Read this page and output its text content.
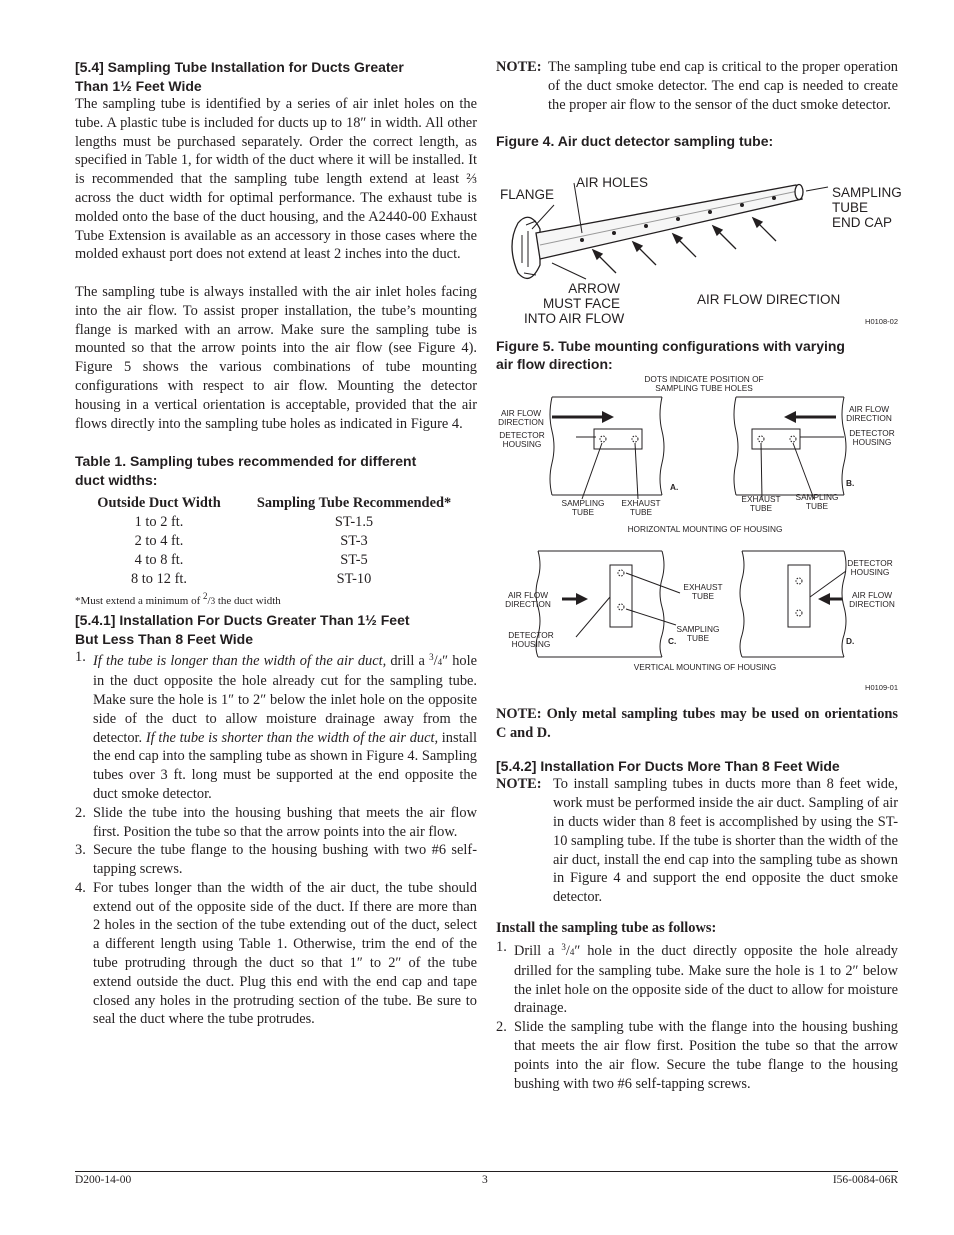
[5.4] Sampling Tube Installation for Ducts Greater
Than 1½ Feet Wide

The sampling tube is identified by a series of air inlet holes on the tube. A plastic tube is included for ducts up to 18″ in width. All other lengths must be purchased separately. Order the correct length, as specified in Table 1, for width of the duct where it will be installed. It is recommended that the sampling tube length extend at least ⅔ across the duct width for optimal performance. The exhaust tube is molded onto the base of the duct housing, and the A2440-00 Exhaust Tube Extension is available as an accessory in those cases where the molded exhaust port does not extend at least 2 inches into the duct.

The sampling tube is always installed with the air inlet holes facing into the air flow. To assist proper installation, the tube’s mounting flange is marked with an arrow. Make sure the sampling tube is mounted so that the arrow points into the air flow (see Figure 4). Figure 5 shows the various combinations of tube mounting configurations with respect to air flow. Mounting the detector housing in a vertical orientation is acceptable, provided that the air flows directly into the sampling tube holes as indicated in Figure 4.

Table 1. Sampling tubes recommended for different
duct widths:

Outside Duct Width	Sampling Tube Recommended*
1 to 2 ft.	ST-1.5
2 to 4 ft.	ST-3
4 to 8 ft.	ST-5
8 to 12 ft.	ST-10
*Must extend a minimum of $^2$/3 the duct width

[5.4.1] Installation For Ducts Greater Than 1½ Feet
But Less Than 8 Feet Wide

1. If the tube is longer than the width of the air duct, drill a $^3$/4″ hole in the duct opposite the hole already cut for the sampling tube. Make sure the hole is 1″ to 2″ below the inlet hole on the opposite side of the duct to allow moisture drainage away from the detector. If the tube is shorter than the width of the air duct, install the end cap into the sampling tube as shown in Figure 4. Sampling tubes over 3 ft. long must be supported at the end opposite the duct smoke detector.
2. Slide the tube into the housing bushing that meets the air flow first. Position the tube so that the arrow points into the air flow.
3. Secure the tube flange to the housing bushing with two #6 self-tapping screws.
4. For tubes longer than the width of the air duct, the tube should extend out of the opposite side of the duct. If there are more than 2 holes in the section of the tube extending out of the duct, select a different length using Table 1. Otherwise, trim the end of the tube protruding through the duct so that 1″ to 2″ of the tube extend outside the duct. Plug this end with the end cap and tape closed any holes in the protruding section of the tube. Be sure to seal the duct where the tube protrudes.
NOTE: The sampling tube end cap is critical to the proper operation of the duct smoke detector. The end cap is needed to create the proper air flow to the sensor of the duct smoke detector.

Figure 4. Air duct detector sampling tube:

FLANGE
AIR HOLES
SAMPLING
TUBE
END CAP
ARROW
MUST FACE
INTO AIR FLOW
AIR FLOW DIRECTION
H0108-02

Figure 5. Tube mounting configurations with varying
air flow direction:

DOTS INDICATE POSITION OF
SAMPLING TUBE HOLES
AIR FLOW
DIRECTION
DETECTOR
HOUSING
SAMPLING
TUBE
EXHAUST
TUBE
A.
AIR FLOW
DIRECTION
DETECTOR
HOUSING
EXHAUST
TUBE
SAMPLING
TUBE
B.
HORIZONTAL MOUNTING OF HOUSING
AIR FLOW
DIRECTION
DETECTOR
HOUSING
EXHAUST
TUBE
SAMPLING
TUBE
C.
DETECTOR
HOUSING
AIR FLOW
DIRECTION
D.
VERTICAL MOUNTING OF HOUSING
H0109-01

NOTE: Only metal sampling tubes may be used on orientations C and D.

[5.4.2] Installation For Ducts More Than 8 Feet Wide

NOTE: To install sampling tubes in ducts more than 8 feet wide, work must be performed inside the air duct. Sampling of air in ducts wider than 8 feet is accomplished by using the ST-10 sampling tube. If the tube is shorter than the width of the air duct, install the end cap into the sampling tube as shown in Figure 4 and support the end opposite the duct smoke detector.

Install the sampling tube as follows:

1. Drill a $^3$/4″ hole in the duct directly opposite the hole already drilled for the sampling tube. Make sure the hole is 1 to 2″ below the inlet hole on the opposite side of the duct to allow for moisture drainage.
2. Slide the sampling tube with the flange into the housing bushing that meets the air flow first. Position the tube so that the arrow points into the air flow. Secure the tube flange to the housing bushing with two #6 self-tapping screws.
D200-14-00	3	I56-0084-06R
